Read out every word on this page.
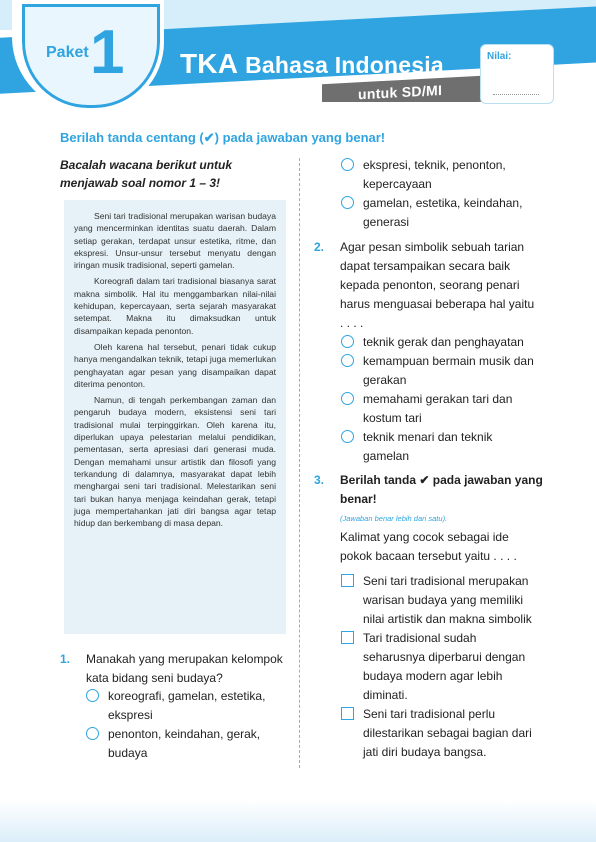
untuk SD/MI
Paket 1 TKA Bahasa Indonesia	Nilai:
Berilah tanda centang (✔) pada jawaban yang benar!
Bacalah wacana berikut untuk menjawab soal nomor 1 – 3!

Seni tari tradisional merupakan warisan budaya yang mencerminkan identitas suatu daerah. Dalam setiap gerakan, terdapat unsur estetika, ritme, dan ekspresi. Unsur-unsur tersebut menyatu dengan iringan musik tradisional, seperti gamelan.

Koreografi dalam tari tradisional biasanya sarat makna simbolik. Hal itu menggambarkan nilai-nilai kehidupan, kepercayaan, serta sejarah masyarakat setempat. Makna itu dimaksudkan untuk disampaikan kepada penonton.

Oleh karena hal tersebut, penari tidak cukup hanya mengandalkan teknik, tetapi juga memerlukan penghayatan agar pesan yang disampaikan dapat diterima penonton.

Namun, di tengah perkembangan zaman dan pengaruh budaya modern, eksistensi seni tari tradisional mulai terpinggirkan. Oleh karena itu, diperlukan upaya pelestarian melalui pendidikan, pementasan, serta apresiasi dari generasi muda. Dengan memahami unsur artistik dan filosofi yang terkandung di dalamnya, masyarakat dapat lebih menghargai seni tari tradisional. Melestarikan seni tari bukan hanya menjaga keindahan gerak, tetapi juga mempertahankan jati diri bangsa agar tetap hidup dan berkembang di masa depan.

1. Manakah yang merupakan kelompok
kata bidang seni budaya?
koreografi, gamelan, estetika,
ekspresi
penonton, keindahan, gerak,
budaya
ekspresi, teknik, penonton,
kepercayaan
gamelan, estetika, keindahan,
generasi
2. Agar pesan simbolik sebuah tarian
dapat tersampaikan secara baik
kepada penonton, seorang penari
harus menguasai beberapa hal yaitu
. . . .
teknik gerak dan penghayatan
kemampuan bermain musik dan
gerakan
memahami gerakan tari dan
kostum tari
teknik menari dan teknik
gamelan
3. Berilah tanda ✔ pada jawaban yang
benar!
(Jawaban benar lebih dari satu).
Kalimat yang cocok sebagai ide
pokok bacaan tersebut yaitu . . . .
Seni tari tradisional merupakan
warisan budaya yang memiliki
nilai artistik dan makna simbolik
Tari tradisional sudah
seharusnya diperbarui dengan
budaya modern agar lebih
diminati.
Seni tari tradisional perlu
dilestarikan sebagai bagian dari
jati diri budaya bangsa.
